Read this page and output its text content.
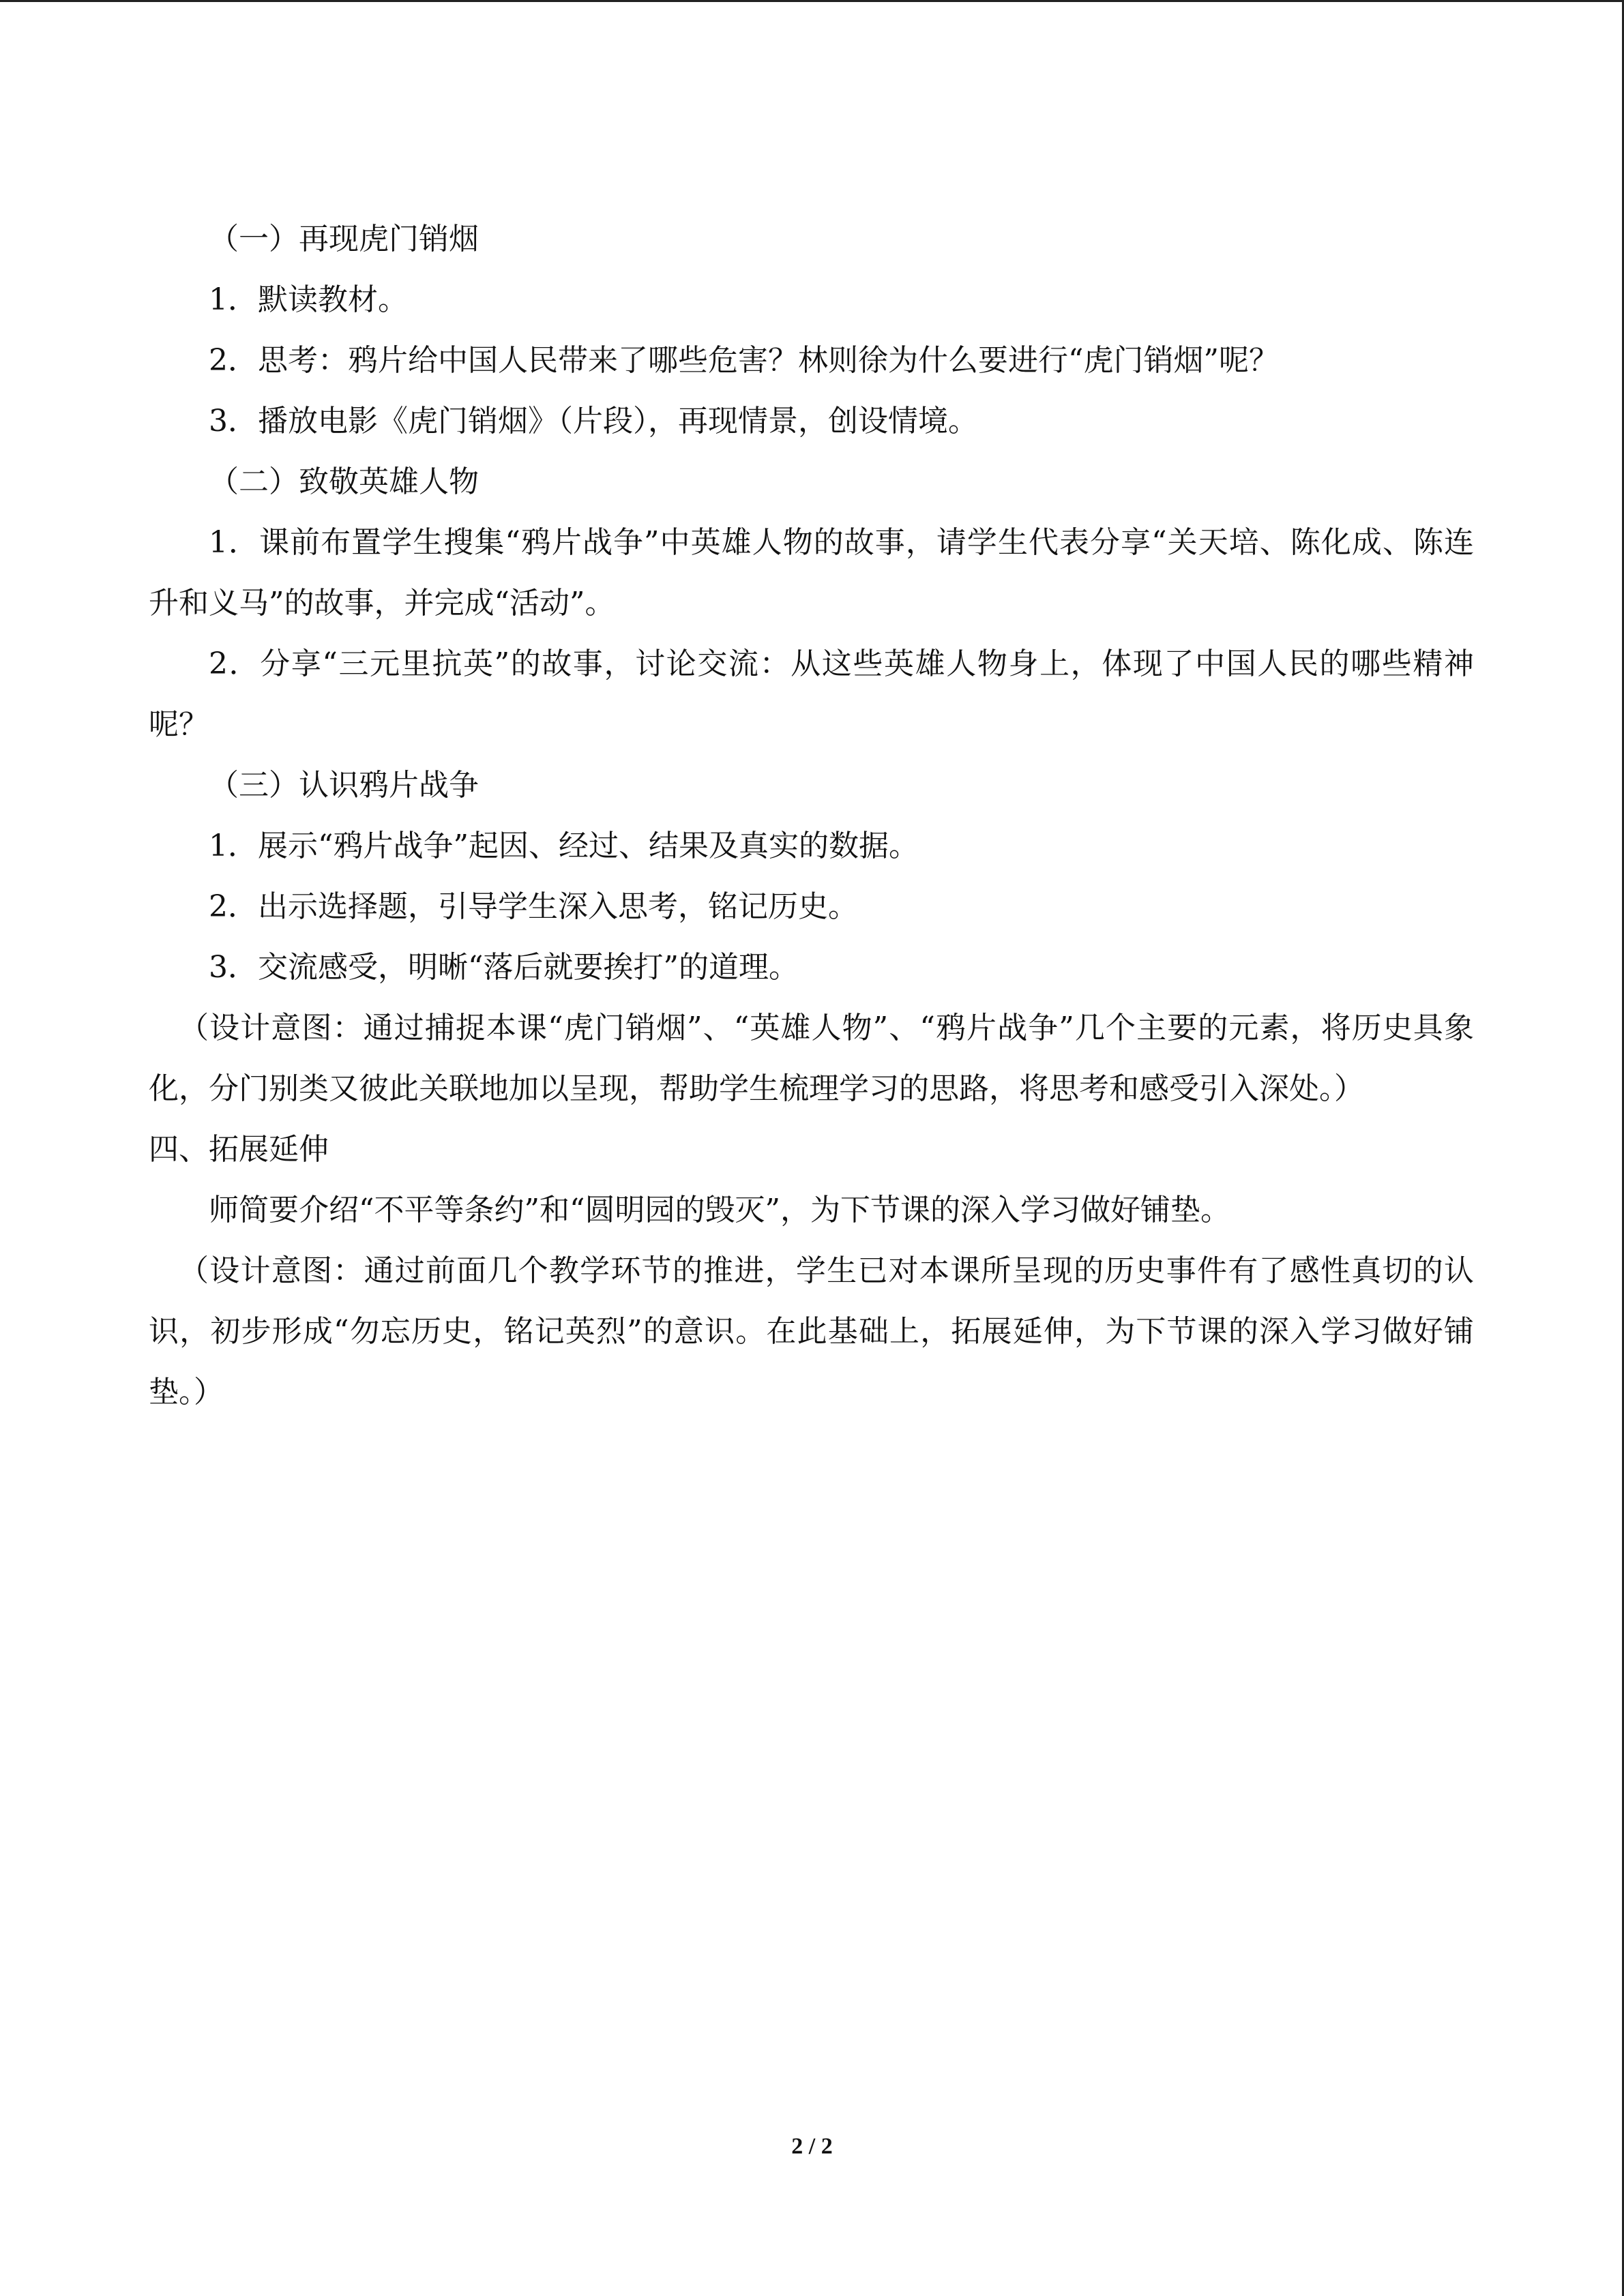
（一）再现虎门销烟

1．默读教材。

2．思考：鸦片给中国人民带来了哪些危害？林则徐为什么要进行“虎门销烟”呢？

3．播放电影《虎门销烟》（片段），再现情景，创设情境。

（二）致敬英雄人物

1．课前布置学生搜集“鸦片战争”中英雄人物的故事，请学生代表分享“关天培、陈化成、陈连升和义马”的故事，并完成“活动”。

2．分享“三元里抗英”的故事，讨论交流：从这些英雄人物身上，体现了中国人民的哪些精神呢？

（三）认识鸦片战争

1．展示“鸦片战争”起因、经过、结果及真实的数据。

2．出示选择题，引导学生深入思考，铭记历史。

3．交流感受，明晰“落后就要挨打”的道理。

（设计意图：通过捕捉本课“虎门销烟”、“英雄人物”、“鸦片战争”几个主要的元素，将历史具象化，分门别类又彼此关联地加以呈现，帮助学生梳理学习的思路，将思考和感受引入深处。）

四、拓展延伸

师简要介绍“不平等条约”和“圆明园的毁灭”，为下节课的深入学习做好铺垫。

（设计意图：通过前面几个教学环节的推进，学生已对本课所呈现的历史事件有了感性真切的认识，初步形成“勿忘历史，铭记英烈”的意识。在此基础上，拓展延伸，为下节课的深入学习做好铺垫。）

2 / 2
